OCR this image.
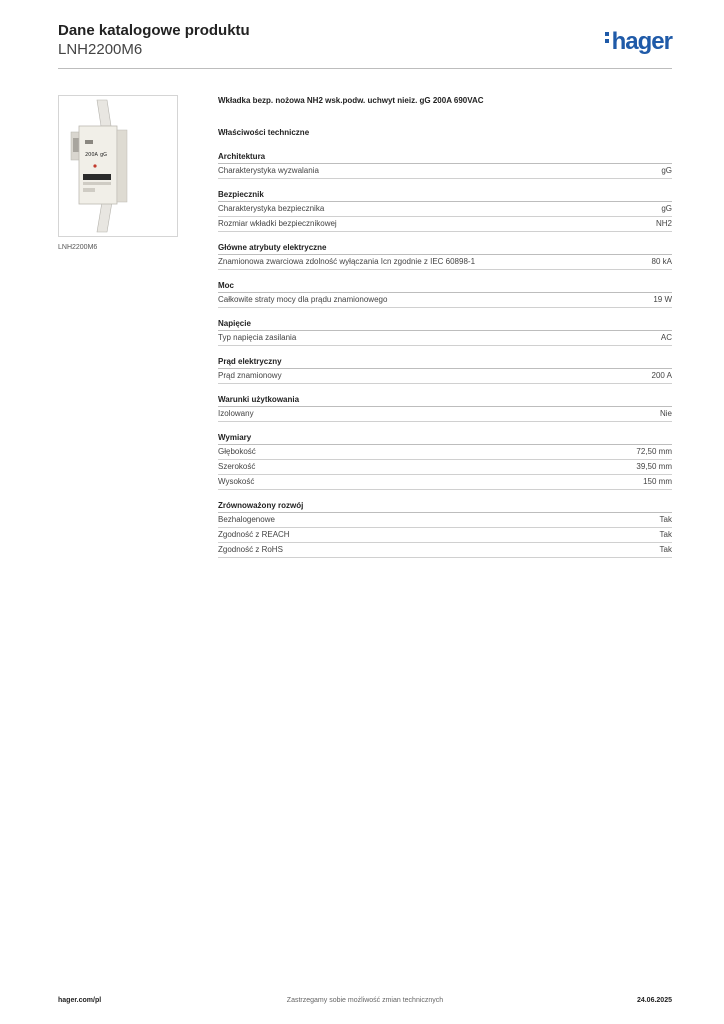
Dane katalogowe produktu
LNH2200M6	hager
200A gG
LNH2200M6
Wkładka bezp. nożowa NH2 wsk.podw. uchwyt nieiz. gG 200A 690VAC
Właściwości techniczne
Architektura
Charakterystyka wyzwalania	gG
Bezpiecznik
Charakterystyka bezpiecznika	gG
Rozmiar wkładki bezpiecznikowej	NH2
Główne atrybuty elektryczne
Znamionowa zwarciowa zdolność wyłączania Icn zgodnie z IEC 60898-1	80 kA
Moc
Całkowite straty mocy dla prądu znamionowego	19 W
Napięcie
Typ napięcia zasilania	AC
Prąd elektryczny
Prąd znamionowy	200 A
Warunki użytkowania
Izolowany	Nie
Wymiary
Głębokość	72,50 mm
Szerokość	39,50 mm
Wysokość	150 mm
Zrównoważony rozwój
Bezhalogenowe	Tak
Zgodność z REACH	Tak
Zgodność z RoHS	Tak
hager.com/pl	Zastrzegamy sobie możliwość zmian technicznych	24.06.2025
